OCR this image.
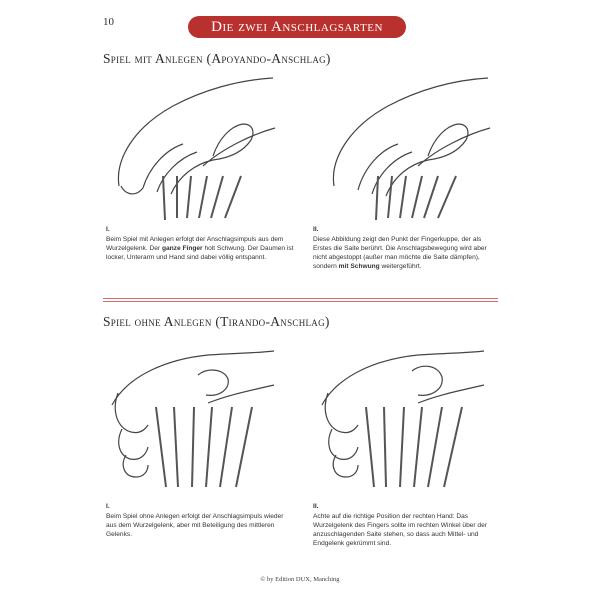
10	Die zwei Anschlagsarten
Spiel mit Anlegen (Apoyando-Anschlag)
I.
Beim Spiel mit Anlegen erfolgt der Anschlagsimpuls aus dem Wurzelgelenk. Der ganze Finger holt Schwung. Der Daumen ist locker, Unterarm und Hand sind dabei völlig entspannt.
II.
Diese Abbildung zeigt den Punkt der Fingerkuppe, der als Erstes die Saite berührt. Die Anschlagsbewegung wird aber nicht abgestoppt (außer man möchte die Saite dämpfen), sondern mit Schwung weitergeführt.
Spiel ohne Anlegen (Tirando-Anschlag)
I.
Beim Spiel ohne Anlegen erfolgt der Anschlagsimpuls wieder aus dem Wurzelgelenk, aber mit Beteiligung des mittleren Gelenks.
II.
Achte auf die richtige Position der rechten Hand: Das Wurzelgelenk des Fingers sollte im rechten Winkel über der anzuschlagenden Saite stehen, so dass auch Mittel- und Endgelenk gekrümmt sind.
© by Edition DUX, Manching
